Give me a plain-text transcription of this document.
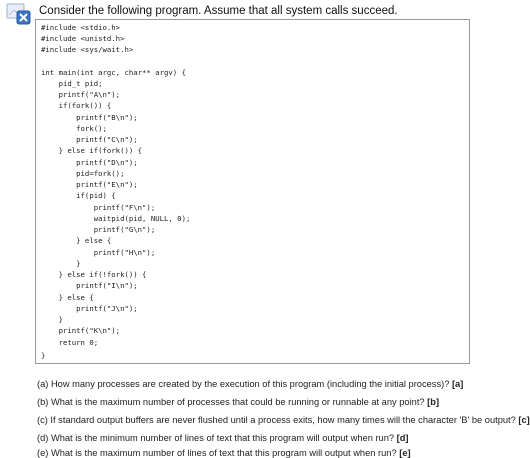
Consider the following program. Assume that all system calls succeed.
#include <stdio.h>
#include <unistd.h>
#include <sys/wait.h>
int main(int argc, char** argv) {
pid_t pid;
printf("A\n");
if(fork()) {
printf("B\n");
fork();
printf("C\n");
} else if(fork()) {
printf("D\n");
pid=fork();
printf("E\n");
if(pid) {
printf("F\n");
waitpid(pid, NULL, 0);
printf("G\n");
} else {
printf("H\n");
}
} else if(!fork()) {
printf("I\n");
} else {
printf("J\n");
}
printf("K\n");
return 0;
}
(a) How many processes are created by the execution of this program (including the initial process)? [a]
(b) What is the maximum number of processes that could be running or runnable at any point? [b]
(c) If standard output buffers are never flushed until a process exits, how many times will the character 'B' be output? [c]
(d) What is the minimum number of lines of text that this program will output when run? [d]
(e) What is the maximum number of lines of text that this program will output when run? [e]
